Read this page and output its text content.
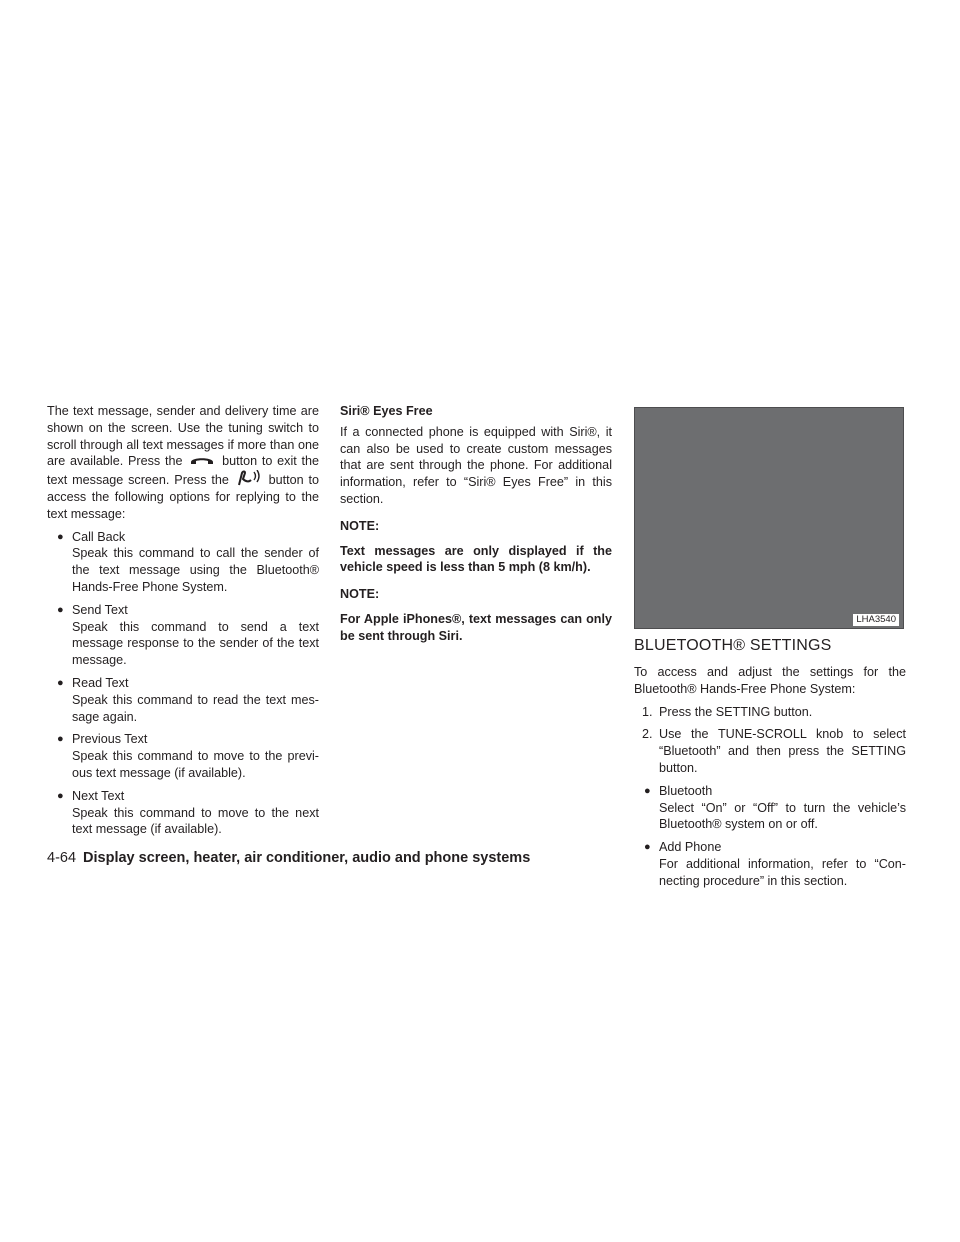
The text message, sender and delivery time are shown on the screen. Use the tuning switch to scroll through all text messages if more than one are available. Press the	button to exit the text message screen. Press the	button to access the following options for replying to the text message:

● Call Back

Speak this command to call the sender of the text message using the Bluetooth® Hands-Free Phone System.

● Send Text

Speak this command to send a text message response to the sender of the text message.

● Read Text

Speak this command to read the text mes-sage again.

● Previous Text

Speak this command to move to the previ-ous text message (if available).

● Next Text

Speak this command to move to the next text message (if available).

Siri® Eyes Free

If a connected phone is equipped with Siri®, it can also be used to create custom messages that are sent through the phone. For additional information, refer to “Siri® Eyes Free” in this section.

NOTE:

Text messages are only displayed if the vehicle speed is less than 5 mph (8 km/h).

NOTE:

For Apple iPhones®, text messages can only be sent through Siri.

LHA3540
BLUETOOTH® SETTINGS

To access and adjust the settings for the Bluetooth® Hands-Free Phone System:

1. Press the SETTING button.

2. Use the TUNE-SCROLL knob to select “Bluetooth” and then press the SETTING button.

● Bluetooth

Select “On” or “Off” to turn the vehicle’s Bluetooth® system on or off.

● Add Phone

For additional information, refer to “Con-necting procedure” in this section.

4-64 Display screen, heater, air conditioner, audio and phone systems
